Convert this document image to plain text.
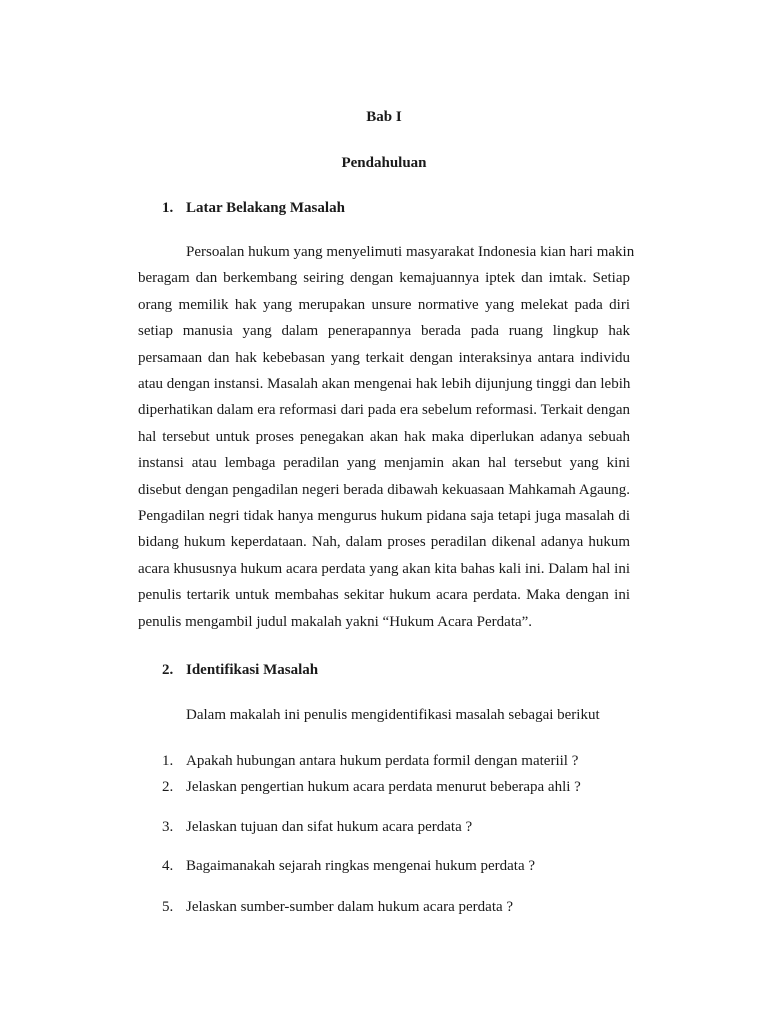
Bab I
Pendahuluan
1. Latar Belakang Masalah
Persoalan hukum yang menyelimuti masyarakat Indonesia kian hari makin
beragam dan berkembang seiring dengan kemajuannya iptek dan imtak. Setiap
orang memilik hak yang merupakan unsure normative yang melekat pada diri
setiap manusia yang dalam penerapannya berada pada ruang lingkup hak
persamaan dan hak kebebasan yang terkait dengan interaksinya antara individu
atau dengan instansi. Masalah akan mengenai hak lebih dijunjung tinggi dan lebih
diperhatikan dalam era reformasi dari pada era sebelum reformasi. Terkait dengan
hal tersebut untuk proses penegakan akan hak maka diperlukan adanya sebuah
instansi atau lembaga peradilan yang menjamin akan hal tersebut yang kini
disebut dengan pengadilan negeri berada dibawah kekuasaan Mahkamah Agaung.
Pengadilan negri tidak hanya mengurus hukum pidana saja tetapi juga masalah di
bidang hukum keperdataan. Nah, dalam proses peradilan dikenal adanya hukum
acara khususnya hukum acara perdata yang akan kita bahas kali ini. Dalam hal ini
penulis tertarik untuk membahas sekitar hukum acara perdata. Maka dengan ini
penulis mengambil judul makalah yakni “Hukum Acara Perdata”.
2. Identifikasi Masalah
Dalam makalah ini penulis mengidentifikasi masalah sebagai berikut
1. Apakah hubungan antara hukum perdata formil dengan materiil ?
2. Jelaskan pengertian hukum acara perdata menurut beberapa ahli ?
3. Jelaskan tujuan dan sifat hukum acara perdata ?
4. Bagaimanakah sejarah ringkas mengenai hukum perdata ?
5. Jelaskan sumber-sumber dalam hukum acara perdata ?
